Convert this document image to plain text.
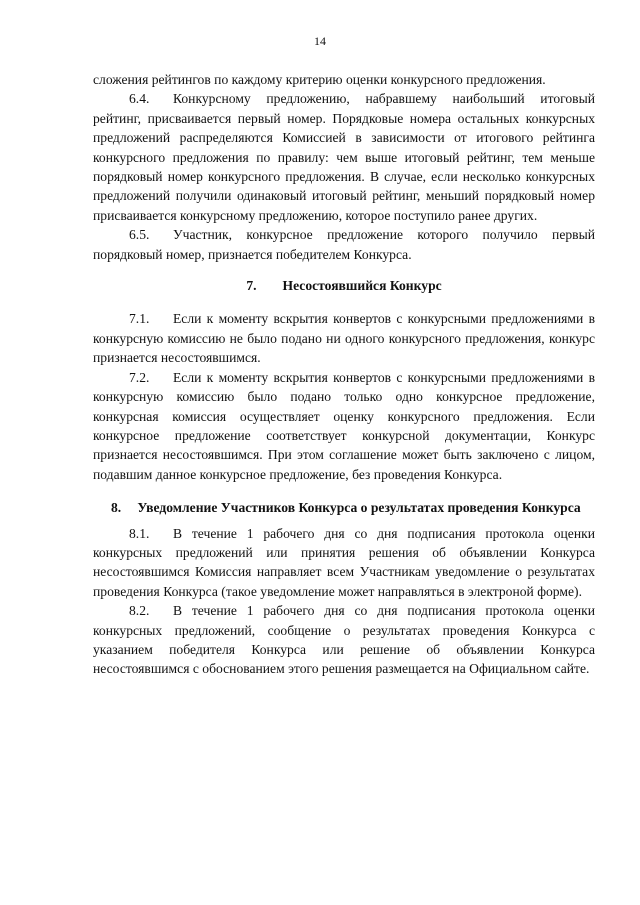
14

сложения рейтингов по каждому критерию оценки конкурсного предложения.

6.4. Конкурсному предложению, набравшему наибольший итоговый рейтинг, присваивается первый номер. Порядковые номера остальных конкурсных предложений распределяются Комиссией в зависимости от итогового рейтинга конкурсного предложения по правилу: чем выше итоговый рейтинг, тем меньше порядковый номер конкурсного предложения. В случае, если несколько конкурсных предложений получили одинаковый итоговый рейтинг, меньший порядковый номер присваивается конкурсному предложению, которое поступило ранее других.

6.5. Участник, конкурсное предложение которого получило первый порядковый номер, признается победителем Конкурса.

7. Несостоявшийся Конкурс

7.1. Если к моменту вскрытия конвертов с конкурсными предложениями в конкурсную комиссию не было подано ни одного конкурсного предложения, конкурс признается несостоявшимся.

7.2. Если к моменту вскрытия конвертов с конкурсными предложениями в конкурсную комиссию было подано только одно конкурсное предложение, конкурсная комиссия осуществляет оценку конкурсного предложения. Если конкурсное предложение соответствует конкурсной документации, Конкурс признается несостоявшимся. При этом соглашение может быть заключено с лицом, подавшим данное конкурсное предложение, без проведения Конкурса.

8.	Уведомление Участников Конкурса о результатах проведения Конкурса

8.1. В течение 1 рабочего дня со дня подписания протокола оценки конкурсных предложений или принятия решения об объявлении Конкурса несостоявшимся Комиссия направляет всем Участникам уведомление о результатах проведения Конкурса (такое уведомление может направляться в электроной форме).

8.2. В течение 1 рабочего дня со дня подписания протокола оценки конкурсных предложений, сообщение о результатах проведения Конкурса с указанием победителя Конкурса или решение об объявлении Конкурса несостоявшимся с обоснованием этого решения размещается на Официальном сайте.
